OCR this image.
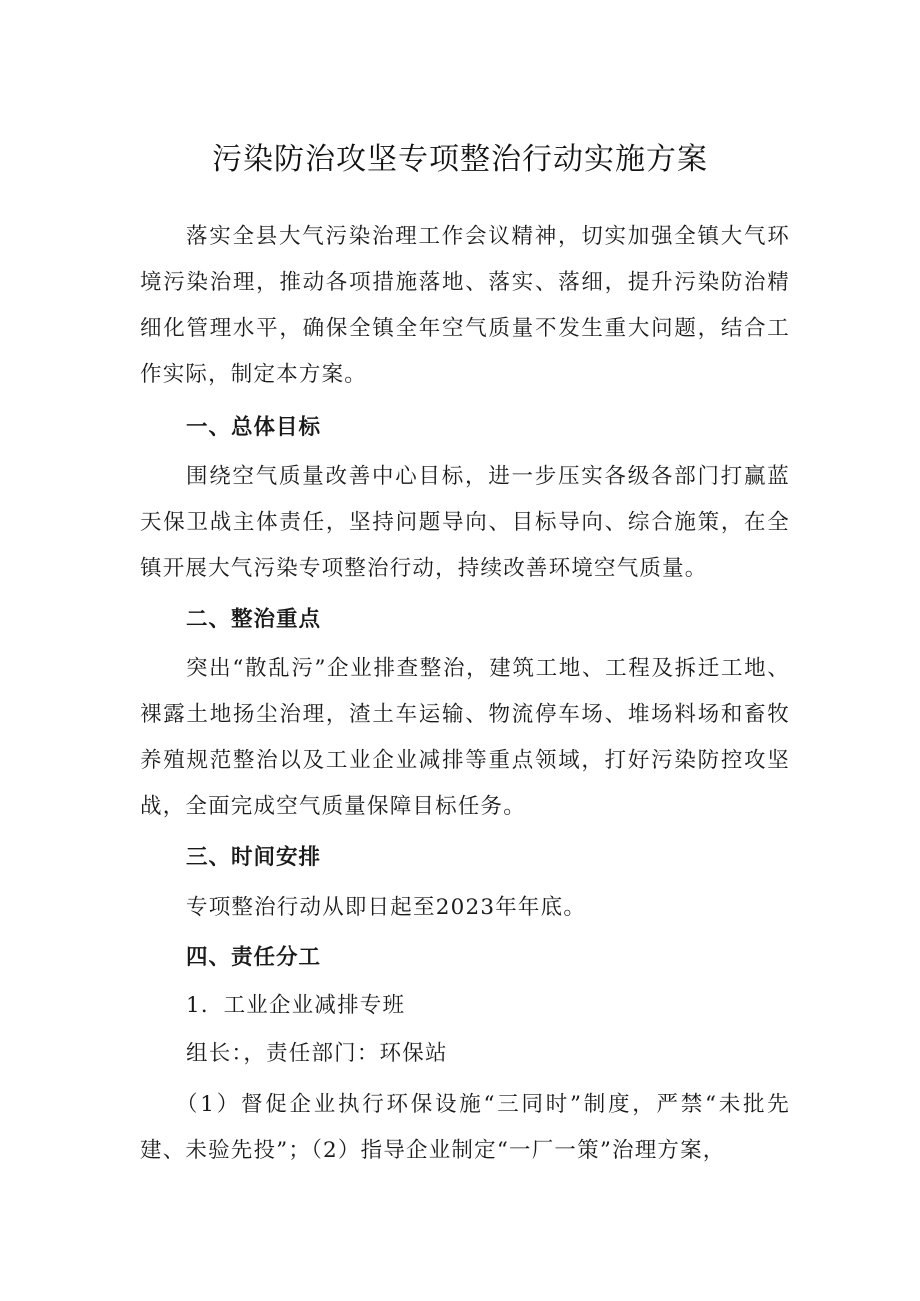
污染防治攻坚专项整治行动实施方案

落实全县大气污染治理工作会议精神，切实加强全镇大气环境污染治理，推动各项措施落地、落实、落细，提升污染防治精细化管理水平，确保全镇全年空气质量不发生重大问题，结合工作实际，制定本方案。

一、总体目标

围绕空气质量改善中心目标，进一步压实各级各部门打赢蓝天保卫战主体责任，坚持问题导向、目标导向、综合施策，在全镇开展大气污染专项整治行动，持续改善环境空气质量。

二、整治重点

突出“散乱污”企业排查整治，建筑工地、工程及拆迁工地、裸露土地扬尘治理，渣土车运输、物流停车场、堆场料场和畜牧养殖规范整治以及工业企业减排等重点领域，打好污染防控攻坚战，全面完成空气质量保障目标任务。

三、时间安排

专项整治行动从即日起至2023年年底。

四、责任分工

1．工业企业减排专班

组长：，责任部门：环保站

（1）督促企业执行环保设施“三同时”制度，严禁“未批先建、未验先投”；（2）指导企业制定“一厂一策”治理方案，
